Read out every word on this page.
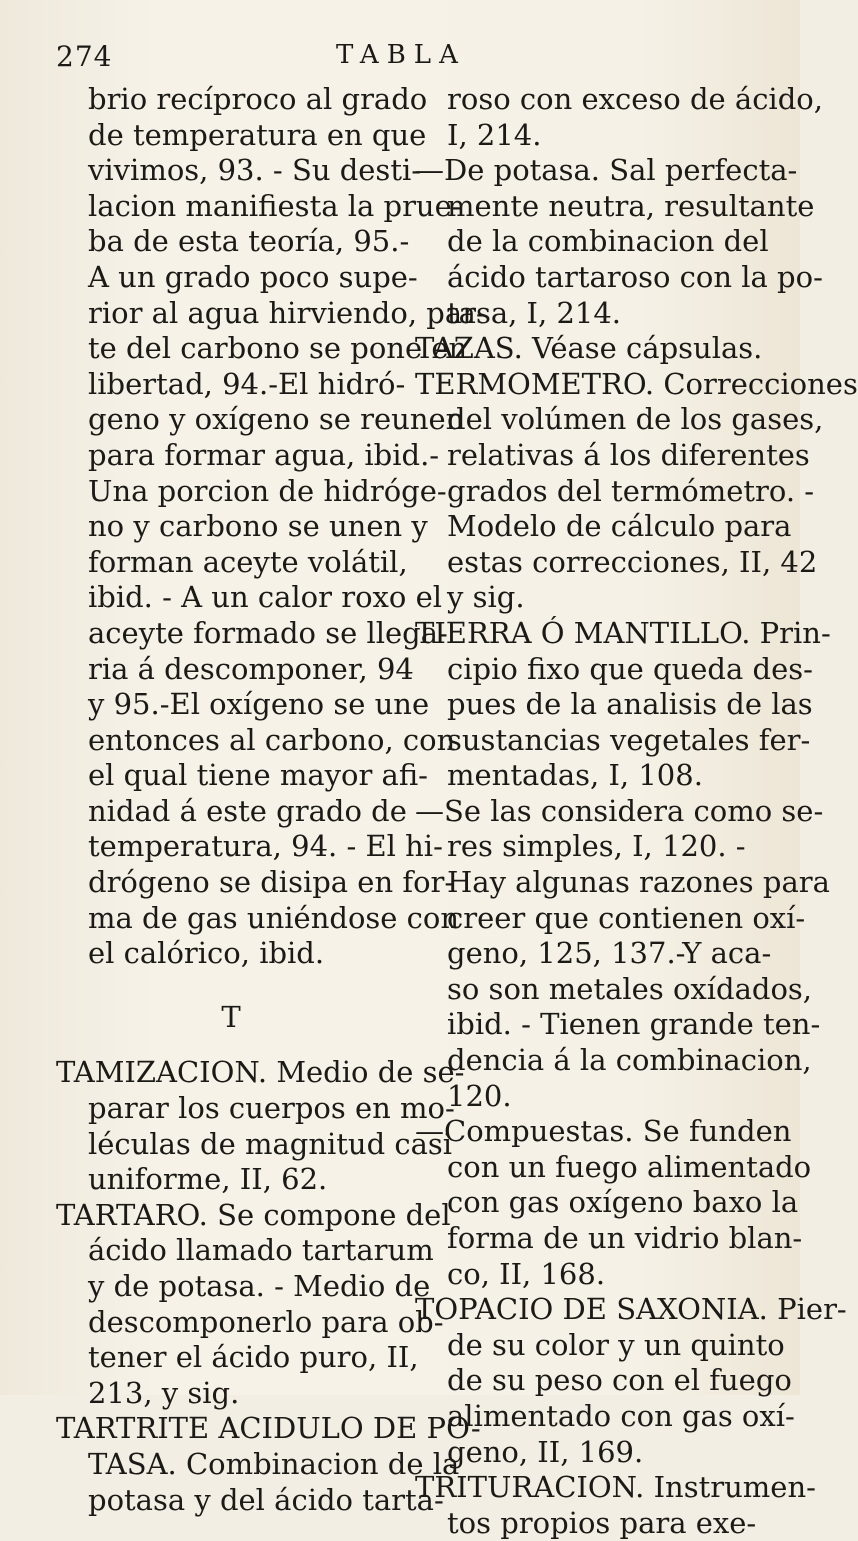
274	TABLA
brio recíproco al grado
de temperatura en que
vivimos, 93. - Su desti-
lacion manifiesta la prue-
ba de esta teoría, 95.-
A un grado poco supe-
rior al agua hirviendo, par-
te del carbono se pone en
libertad, 94.-El hidró-
geno y oxígeno se reunen
para formar agua, ibid.-
Una porcion de hidróge-
no y carbono se unen y
forman aceyte volátil,
ibid. - A un calor roxo el
aceyte formado se llega-
ria á descomponer, 94
y 95.-El oxígeno se une
entonces al carbono, con
el qual tiene mayor afi-
nidad á este grado de
temperatura, 94. - El hi-
drógeno se disipa en for-
ma de gas uniéndose con
el calórico, ibid.
T
TAMIZACION. Medio de se-
parar los cuerpos en mo-
léculas de magnitud casi
uniforme, II, 62.
TARTARO. Se compone del
ácido llamado tartarum
y de potasa. - Medio de
descomponerlo para ob-
tener el ácido puro, II,
213, y sig.
TARTRITE ACIDULO DE PO-
TASA. Combinacion de la
potasa y del ácido tarta-
roso con exceso de ácido,
I, 214.
—De potasa. Sal perfecta-
mente neutra, resultante
de la combinacion del
ácido tartaroso con la po-
tasa, I, 214.
TAZAS. Véase cápsulas.
TERMOMETRO. Correcciones
del volúmen de los gases,
relativas á los diferentes
grados del termómetro. -
Modelo de cálculo para
estas correcciones, II, 42
y sig.
TIERRA Ó MANTILLO. Prin-
cipio fixo que queda des-
pues de la analisis de las
sustancias vegetales fer-
mentadas, I, 108.
—Se las considera como se-
res simples, I, 120. -
Hay algunas razones para
creer que contienen oxí-
geno, 125, 137.-Y aca-
so son metales oxídados,
ibid. - Tienen grande ten-
dencia á la combinacion,
120.
—Compuestas. Se funden
con un fuego alimentado
con gas oxígeno baxo la
forma de un vidrio blan-
co, II, 168.
TOPACIO DE SAXONIA. Pier-
de su color y un quinto
de su peso con el fuego
alimentado con gas oxí-
geno, II, 169.
TRITURACION. Instrumen-
tos propios para exe-
